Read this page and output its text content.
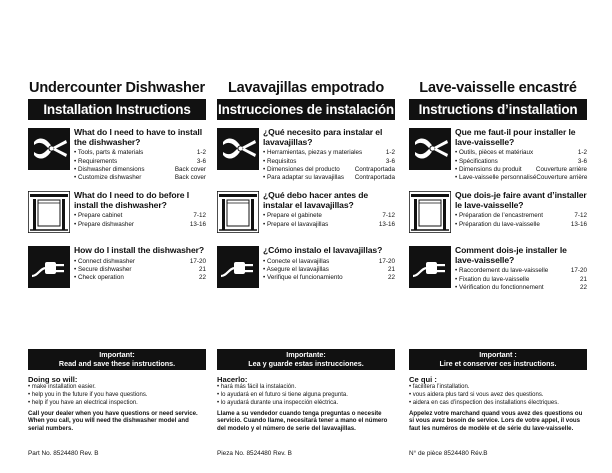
Undercounter Dishwasher
Installation Instructions
What do I need to have to install the dishwasher?
• Tools, parts & materials	1-2
• Requirements	3-6
• Dishwasher dimensions	Back cover
• Customize dishwasher	Back cover
What do I need to do before I install the dishwasher?
• Prepare cabinet	7-12
• Prepare dishwasher	13-16
How do I install the dishwasher?
• Connect dishwasher	17-20
• Secure dishwasher	21
• Check operation	22
Important:
Read and save these instructions.
Doing so will:
• make installation easier.
• help you in the future if you have questions.
• help if you have an electrical inspection.
Call your dealer when you have questions or need service. When you call, you will need the dishwasher model and serial numbers.
Part No. 8524480 Rev. B
Lavavajillas empotrado
Instrucciones de instalación
¿Qué necesito para instalar el lavavajillas?
• Herramientas, piezas y materiales	1-2
• Requisitos	3-6
• Dimensiones del producto Contraportada
• Para adaptar su lavavajillas Contraportada
¿Qué debo hacer antes de instalar el lavavajillas?
• Prepare el gabinete	7-12
• Prepare el lavavajillas	13-16
¿Cómo instalo el lavavajillas?
• Conecte el lavavajillas	17-20
• Asegure el lavavajillas	21
• Verifique el funcionamiento	22
Importante:
Lea y guarde estas instrucciones.
Hacerlo:
• hará más fácil la instalación.
• lo ayudará en el futuro si tiene alguna pregunta.
• lo ayudará durante una inspección eléctrica.
Llame a su vendedor cuando tenga preguntas o necesite servicio. Cuando llame, necesitará tener a mano el número del modelo y el número de serie del lavavajillas.
Pieza No. 8524480 Rev. B
Lave-vaisselle encastré
Instructions d’installation
Que me faut-il pour installer le lave-vaisselle?
• Outils, pièces et matériaux	1-2
• Spécifications	3-6
• Dimensions du produit Couverture arrière
• Lave-vaisselle personnalisé Couverture arrière
Que dois-je faire avant d’installer le lave-vaisselle?
• Préparation de l’encastrement	7-12
• Préparation du lave-vaisselle	13-16
Comment dois-je installer le lave-vaisselle?
• Raccordement du lave-vaisselle	17-20
• Fixation du lave-vaisselle	21
• Vérification du fonctionnement	22
Important :
Lire et conserver ces instructions.
Ce qui :
• facilitera l’installation.
• vous aidera plus tard si vous avez des questions.
• aidera en cas d’inspection des installations électriques.
Appelez votre marchand quand vous avez des questions ou si vous avez besoin de service. Lors de votre appel, il vous faut les numéros de modèle et de série du lave-vaisselle.
N° de pièce 8524480 Rév.B
